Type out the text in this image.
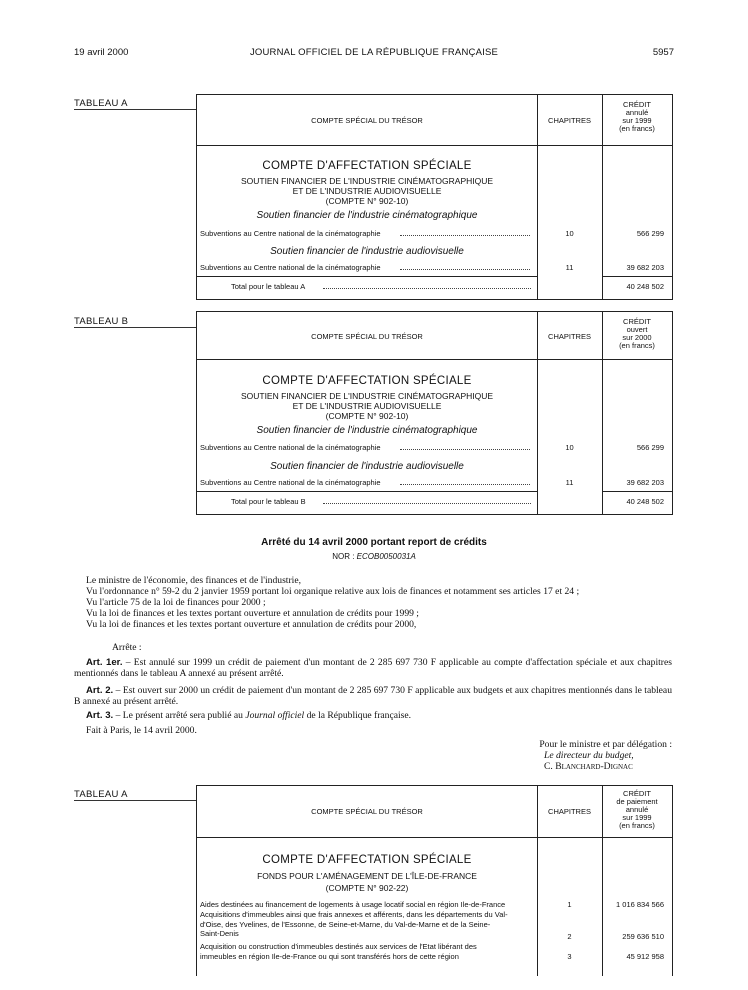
19 avril 2000	JOURNAL OFFICIEL DE LA RÉPUBLIQUE FRANÇAISE	5957
TABLEAU A
COMPTE SPÉCIAL DU TRÉSOR	CHAPITRES
CRÉDIT
annulé
sur 1999
(en francs)
COMPTE D'AFFECTATION SPÉCIALE
SOUTIEN FINANCIER DE L'INDUSTRIE CINÉMATOGRAPHIQUE
ET DE L'INDUSTRIE AUDIOVISUELLE
(COMPTE N° 902-10)
Soutien financier de l'industrie cinématographique
Subventions au Centre national de la cinématographie	10	566 299
Soutien financier de l'industrie audiovisuelle
Subventions au Centre national de la cinématographie	11	39 682 203
Total pour le tableau A	40 248 502
TABLEAU B
COMPTE SPÉCIAL DU TRÉSOR	CHAPITRES
CRÉDIT
ouvert
sur 2000
(en francs)
COMPTE D'AFFECTATION SPÉCIALE
SOUTIEN FINANCIER DE L'INDUSTRIE CINÉMATOGRAPHIQUE
ET DE L'INDUSTRIE AUDIOVISUELLE
(COMPTE N° 902-10)
Soutien financier de l'industrie cinématographique
Subventions au Centre national de la cinématographie	10	566 299
Soutien financier de l'industrie audiovisuelle
Subventions au Centre national de la cinématographie	11	39 682 203
Total pour le tableau B	40 248 502
Arrêté du 14 avril 2000 portant report de crédits
NOR : ECOB0050031A

Le ministre de l'économie, des finances et de l'industrie,

Vu l'ordonnance n° 59-2 du 2 janvier 1959 portant loi organique relative aux lois de finances et notamment ses articles 17 et 24 ;

Vu l'article 75 de la loi de finances pour 2000 ;

Vu la loi de finances et les textes portant ouverture et annulation de crédits pour 1999 ;

Vu la loi de finances et les textes portant ouverture et annulation de crédits pour 2000,

Arrête :
Art. 1er. – Est annulé sur 1999 un crédit de paiement d'un montant de 2 285 697 730 F applicable au compte d'affectation spéciale et aux chapitres mentionnés dans le tableau A annexé au présent arrêté.
Art. 2. – Est ouvert sur 2000 un crédit de paiement d'un montant de 2 285 697 730 F applicable aux budgets et aux chapitres mentionnés dans le tableau B annexé au présent arrêté.
Art. 3. – Le présent arrêté sera publié au Journal officiel de la République française.
Fait à Paris, le 14 avril 2000.

Pour le ministre et par délégation :

Le directeur du budget,

C. Blanchard-Dignac

TABLEAU A
COMPTE SPÉCIAL DU TRÉSOR	CHAPITRES
CRÉDIT
de paiement
annulé
sur 1999
(en francs)
COMPTE D'AFFECTATION SPÉCIALE
FONDS POUR L'AMÉNAGEMENT DE L'ÎLE-DE-FRANCE
(COMPTE N° 902-22)
Aides destinées au financement de logements à usage locatif social en région Ile-de-France	1	1 016 834 566
Acquisitions d'immeubles ainsi que frais annexes et afférents, dans les départements du Val-
d'Oise, des Yvelines, de l'Essonne, de Seine-et-Marne, du Val-de-Marne et de la Seine-
Saint-Denis	2	259 636 510
Acquisition ou construction d'immeubles destinés aux services de l'Etat libérant des
immeubles en région Ile-de-France ou qui sont transférés hors de cette région	3	45 912 958
